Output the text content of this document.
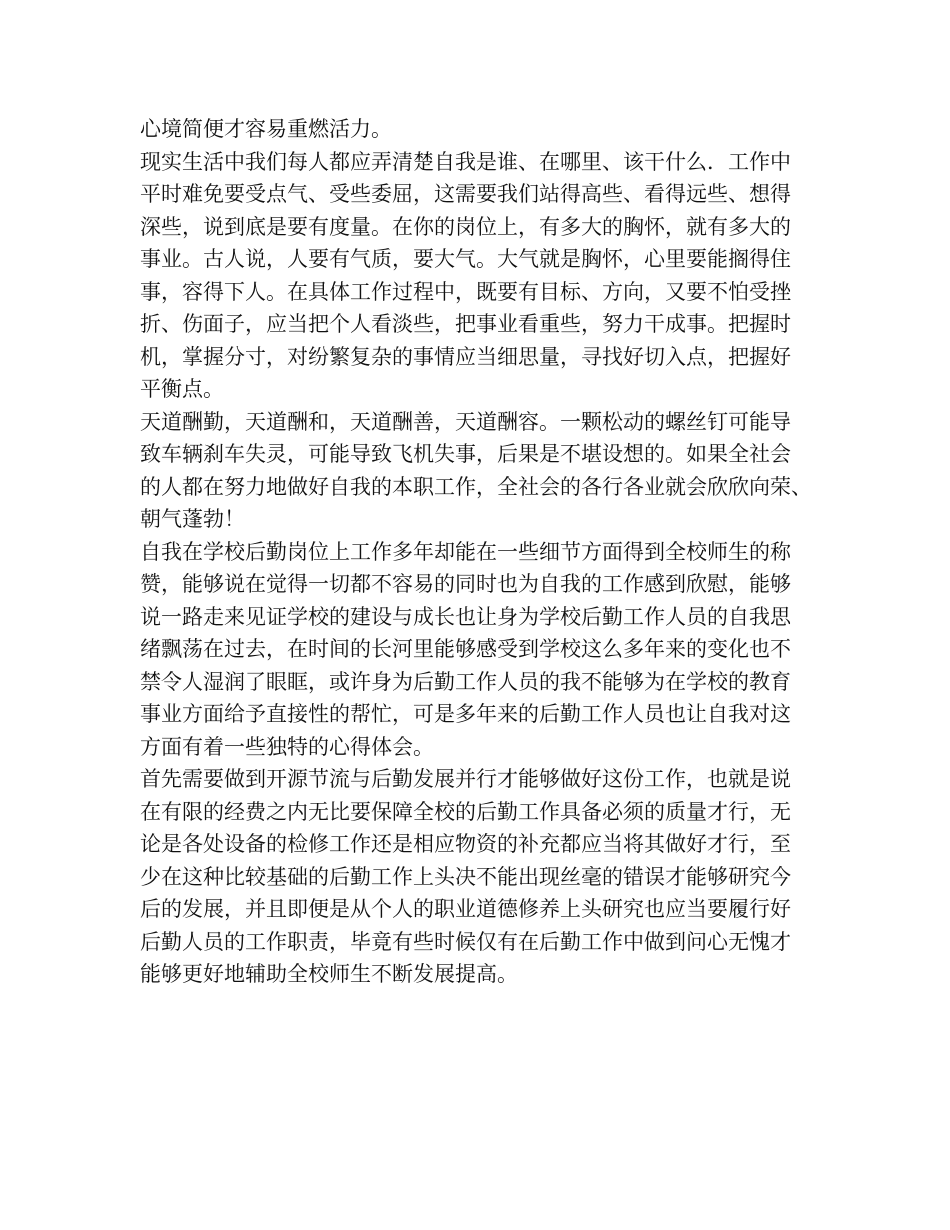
心境简便才容易重燃活力。
现实生活中我们每人都应弄清楚自我是谁、在哪里、该干什么．工作中
平时难免要受点气、受些委屈，这需要我们站得高些、看得远些、想得
深些，说到底是要有度量。在你的岗位上，有多大的胸怀，就有多大的
事业。古人说，人要有气质，要大气。大气就是胸怀，心里要能搁得住
事，容得下人。在具体工作过程中，既要有目标、方向，又要不怕受挫
折、伤面子，应当把个人看淡些，把事业看重些，努力干成事。把握时
机，掌握分寸，对纷繁复杂的事情应当细思量，寻找好切入点，把握好
平衡点。
天道酬勤，天道酬和，天道酬善，天道酬容。一颗松动的螺丝钉可能导
致车辆刹车失灵，可能导致飞机失事，后果是不堪设想的。如果全社会
的人都在努力地做好自我的本职工作，全社会的各行各业就会欣欣向荣、
朝气蓬勃！
自我在学校后勤岗位上工作多年却能在一些细节方面得到全校师生的称
赞，能够说在觉得一切都不容易的同时也为自我的工作感到欣慰，能够
说一路走来见证学校的建设与成长也让身为学校后勤工作人员的自我思
绪飘荡在过去，在时间的长河里能够感受到学校这么多年来的变化也不
禁令人湿润了眼眶，或许身为后勤工作人员的我不能够为在学校的教育
事业方面给予直接性的帮忙，可是多年来的后勤工作人员也让自我对这
方面有着一些独特的心得体会。
首先需要做到开源节流与后勤发展并行才能够做好这份工作，也就是说
在有限的经费之内无比要保障全校的后勤工作具备必须的质量才行，无
论是各处设备的检修工作还是相应物资的补充都应当将其做好才行，至
少在这种比较基础的后勤工作上头决不能出现丝毫的错误才能够研究今
后的发展，并且即便是从个人的职业道德修养上头研究也应当要履行好
后勤人员的工作职责，毕竟有些时候仅有在后勤工作中做到问心无愧才
能够更好地辅助全校师生不断发展提高。
